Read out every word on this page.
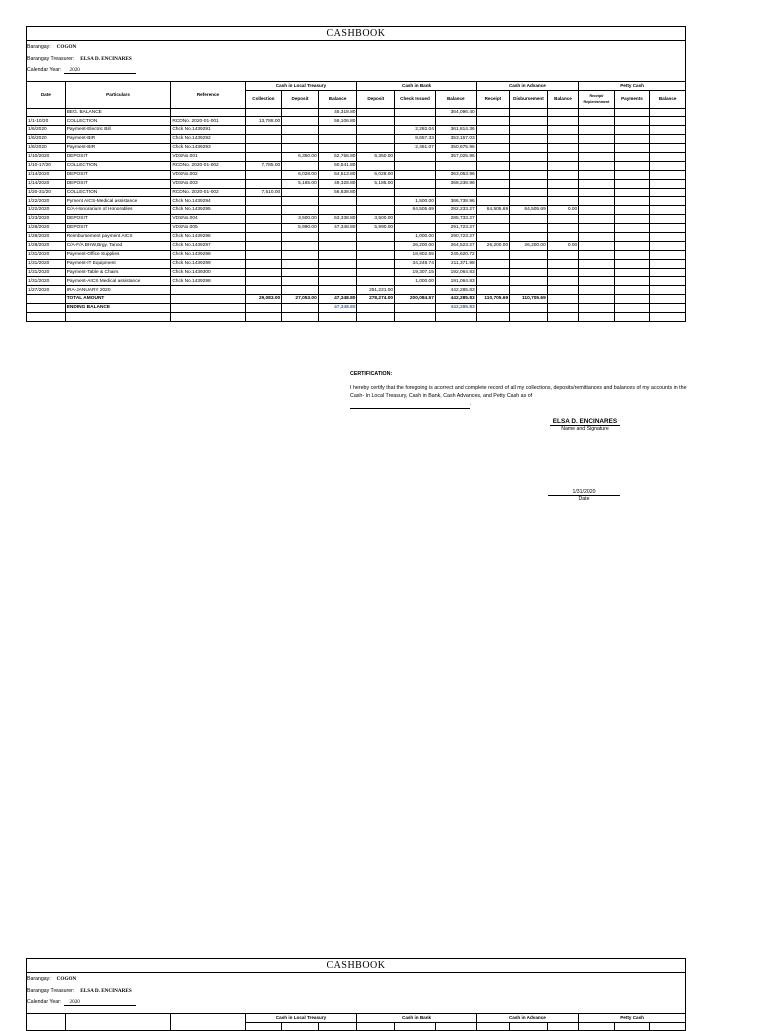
CASHBOOK
Barangay: COGON
Barangay Treasurer: ELSA D. ENCINARES
Calendar Year: 2020
Date	Particulars	Reference	Cash in Local Treasury			Cash in Bank			Cash in Advance			Petty Cash		
			Collection	Deposit	Balance	Deposit	Check Issued	Balance	Receipt	Disbursement	Balance	Receipt/ Replenishment	Payments	Balance
	BEG. BALANCE				45,318.80			364,096.40						
1/1-10/20	COLLECTION	RCDNo. 2020-01-001	13,788.00		59,106.80									
1/6/2020	Payment-Electric Bill	Chck No.1439291					2,282.04	361,814.36						
1/6/2020	Payment-BIR	Chck No.1439292					8,657.33	353,157.03						
1/6/2020	Payment-BIR	Chck No.1439293					2,481.07	350,675.96						
1/10/2020	DEPOSIT	VDSNo.001		6,350.00	52,756.80	6,350.00		357,025.96						
1/10-17/20	COLLECTION	RCDNo. 2020-01-002	7,785.00		60,541.80									
1/14/2020	DEPOSIT	VDSNo.002		6,028.00	54,513.80	6,028.00		363,053.96						
1/14/2020	DEPOSIT	VDSNo.003		5,185.00	49,328.80	5,185.00		368,238.96						
1/20-31/20	COLLECTION	RCDNo. 2020-01-002	7,510.00		56,838.80									
1/22/2020	Pyment AICS-Medical assistance	Chck No.1439294					1,500.00	366,738.96						
1/22/2020	C/A-Honorarium of Honorables	Chck No.1439295					84,505.69	282,233.27	84,505.69	84,505.69	0.00			
1/23/2020	DEPOSIT	VDSNo.004		3,500.00	53,338.80	3,500.00		285,733.27						
1/28/2020	DEPOSIT	VDSNo.005		5,990.00	47,348.80	5,990.00		291,723.27						
1/28/2020	Reimbursement payment AICS	Chck No.1439296					1,000.00	290,723.27						
1/28/2020	C/A-F/A BHW,Brgy. Tanod	Chck No.1439297					26,200.00	264,523.27	26,200.00	26,200.00	0.00			
1/31/2020	Payment-Office Supplies	Chck No.1439298					18,902.55	245,620.72						
1/31/2020	Payment-IT Equipment	Chck No.1439299					34,248.74	211,371.98						
1/31/2020	Payment-Table & Chairs	Chck No.1439300					19,307.15	192,064.83						
1/31/2020	Payment-AICS Medical assistance	Chck No.1439298					1,000.00	191,064.83						
1/27/2020	IRA-JANUARY 2020					251,221.00		442,285.83						
	TOTAL AMOUNT		29,083.00	27,053.00	47,348.80	278,274.00	200,084.57	442,285.83	110,705.69	110,705.69				
	ENDING BALANCE				47,348.80			442,285.83						

CERTIFICATION:
I hereby certify that the foregoing is acorrect and complete record of all my collections, deposits/remittances and balances of my accounts in the Cash- In Local Treasury, Cash in Bank, Cash Advances, and Petty Cash as of
.
ELSA D. ENCINARES
Name and Signature
1/31/2020
Date
CASHBOOK
Barangay: COGON
Barangay Treasurer: ELSA D. ENCINARES
Calendar Year: 2020
			Cash in Local Treasury			Cash in Bank			Cash in Advance			Petty Cash		
